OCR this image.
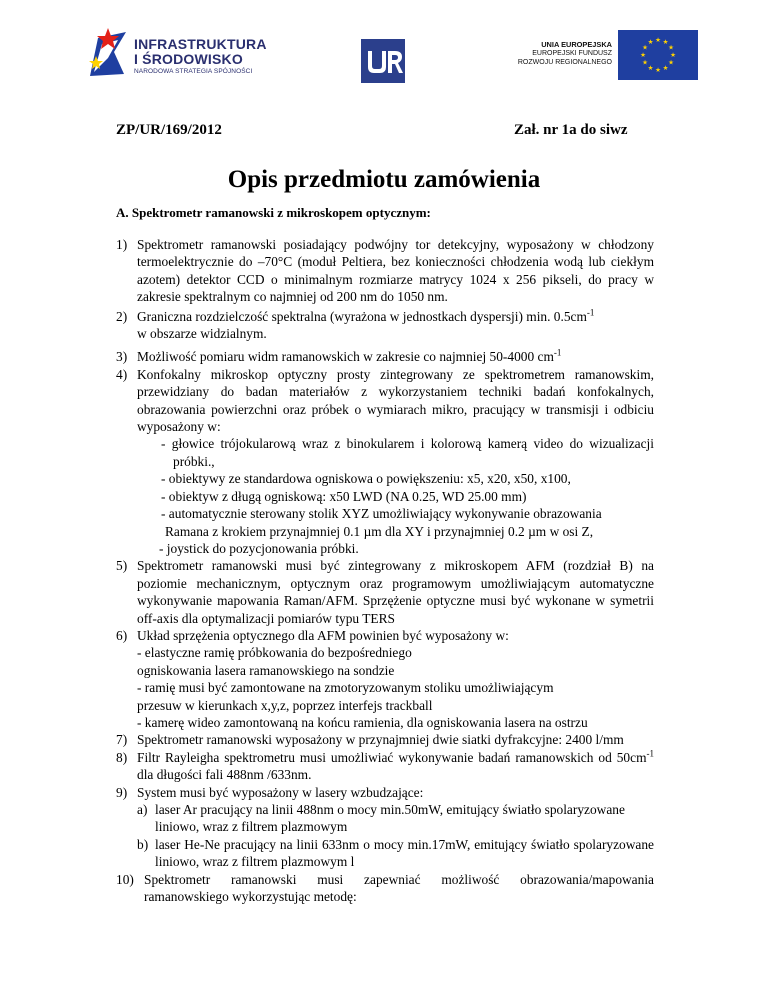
INFRASTRUKTURA
I ŚRODOWISKO
NARODOWA STRATEGIA SPÓJNOŚCI
UNIA EUROPEJSKA
EUROPEJSKI FUNDUSZ
ROZWOJU REGIONALNEGO
★ ★
★
★
★
★
★
★
★
★
★
★
ZP/UR/169/2012	Zał. nr 1a do siwz
Opis przedmiotu zamówienia
A. Spektrometr ramanowski z mikroskopem optycznym:
1) Spektrometr ramanowski posiadający podwójny tor detekcyjny, wyposażony w chłodzony termoelektrycznie do –70°C (moduł Peltiera, bez konieczności chłodzenia wodą lub ciekłym azotem) detektor CCD o minimalnym rozmiarze matrycy 1024 x 256 pikseli, do pracy w zakresie spektralnym co najmniej od 200 nm do 1050 nm.
2) Graniczna rozdzielczość spektralna (wyrażona w jednostkach dyspersji) min. $0.5cm^{-1}$
w obszarze widzialnym.
3) Możliwość pomiaru widm ramanowskich w zakresie co najmniej 50-4000 $cm^{-1}$
4) Konfokalny mikroskop optyczny prosty zintegrowany ze spektrometrem ramanowskim, przewidziany do badan materiałów z wykorzystaniem techniki badań konfokalnych, obrazowania powierzchni oraz próbek o wymiarach mikro, pracujący w transmisji i odbiciu wyposażony w:
- głowice trójokularową wraz z binokularem i kolorową kamerą video do wizualizacji
próbki.,
- obiektywy ze standardowa ogniskowa o powiększeniu: x5, x20, x50, x100,
- obiektyw z długą ogniskową: x50 LWD (NA 0.25, WD 25.00 mm)
- automatycznie sterowany stolik XYZ umożliwiający wykonywanie obrazowania
Ramana z krokiem przynajmniej 0.1 µm dla XY i przynajmniej 0.2 µm w osi Z,
- joystick do pozycjonowania próbki.
5) Spektrometr ramanowski musi być zintegrowany z mikroskopem AFM (rozdział B) na poziomie mechanicznym, optycznym oraz programowym umożliwiającym automatyczne wykonywanie mapowania Raman/AFM. Sprzężenie optyczne musi być wykonane w symetrii off-axis dla optymalizacji pomiarów typu TERS
6) Układ sprzężenia optycznego dla AFM powinien być wyposażony w:
- elastyczne ramię próbkowania do bezpośredniego ogniskowania lasera ramanowskiego na sondzie
- ramię musi być zamontowane na zmotoryzowanym stoliku umożliwiającym przesuw w kierunkach x,y,z, poprzez interfejs trackball
- kamerę wideo zamontowaną na końcu ramienia, dla ogniskowania lasera na ostrzu
7) Spektrometr ramanowski wyposażony w przynajmniej dwie siatki dyfrakcyjne: 2400 l/mm
8) Filtr Rayleigha spektrometru musi umożliwiać wykonywanie badań ramanowskich od $50cm^{-1}$ dla długości fali 488nm /633nm.
9) System musi być wyposażony w lasery wzbudzające:
a) laser Ar pracujący na linii 488nm o mocy min.50mW, emitujący światło spolaryzowane liniowo, wraz z filtrem plazmowym
b) laser He-Ne pracujący na linii 633nm o mocy min.17mW, emitujący światło spolaryzowane liniowo, wraz z filtrem plazmowym l
10) Spektrometr ramanowski musi zapewniać możliwość obrazowania/mapowania ramanowskiego wykorzystując metodę:
